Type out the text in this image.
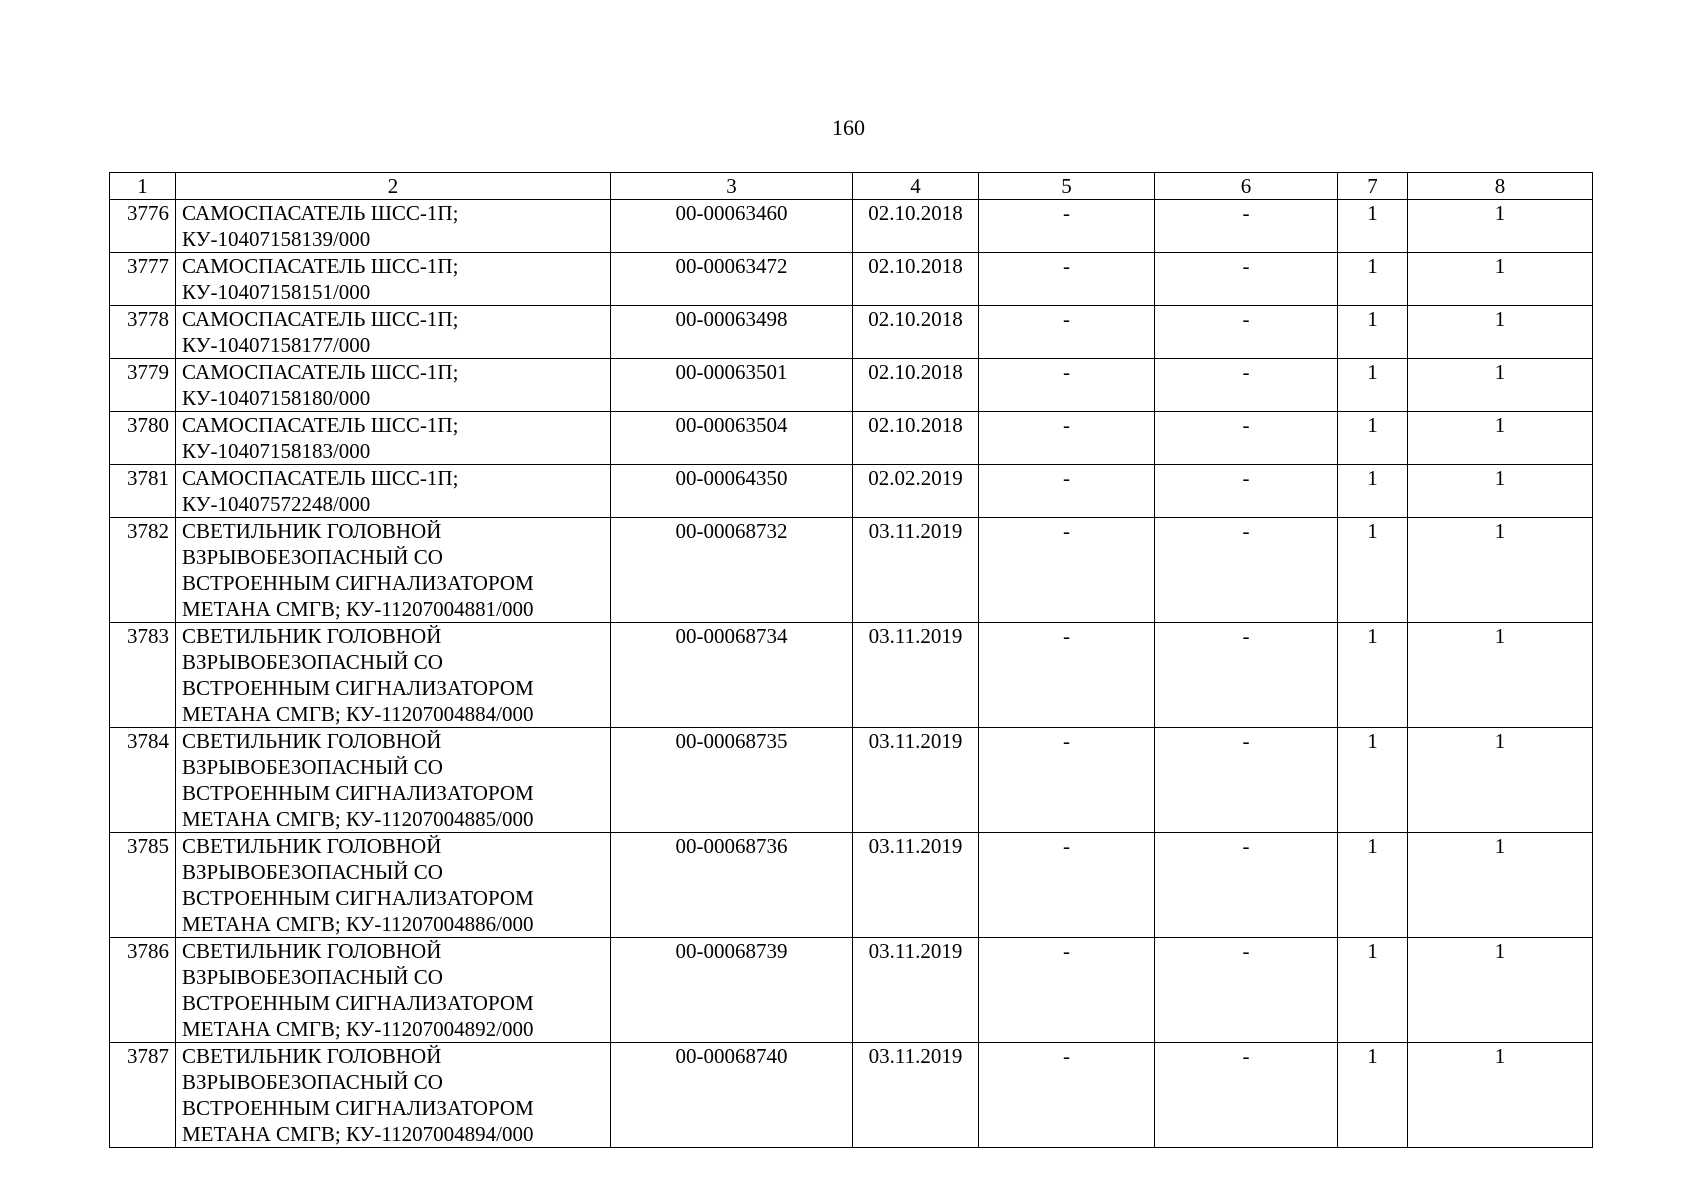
160
1	2	3	4	5	6	7	8
3776	САМОСПАСАТЕЛЬ ШСС-1П;
КУ-10407158139/000	00-00063460	02.10.2018	-	-	1	1
3777	САМОСПАСАТЕЛЬ ШСС-1П;
КУ-10407158151/000	00-00063472	02.10.2018	-	-	1	1
3778	САМОСПАСАТЕЛЬ ШСС-1П;
КУ-10407158177/000	00-00063498	02.10.2018	-	-	1	1
3779	САМОСПАСАТЕЛЬ ШСС-1П;
КУ-10407158180/000	00-00063501	02.10.2018	-	-	1	1
3780	САМОСПАСАТЕЛЬ ШСС-1П;
КУ-10407158183/000	00-00063504	02.10.2018	-	-	1	1
3781	САМОСПАСАТЕЛЬ ШСС-1П;
КУ-10407572248/000	00-00064350	02.02.2019	-	-	1	1
3782	СВЕТИЛЬНИК ГОЛОВНОЙ
ВЗРЫВОБЕЗОПАСНЫЙ СО
ВСТРОЕННЫМ СИГНАЛИЗАТОРОМ
МЕТАНА СМГВ; КУ-11207004881/000	00-00068732	03.11.2019	-	-	1	1
3783	СВЕТИЛЬНИК ГОЛОВНОЙ
ВЗРЫВОБЕЗОПАСНЫЙ СО
ВСТРОЕННЫМ СИГНАЛИЗАТОРОМ
МЕТАНА СМГВ; КУ-11207004884/000	00-00068734	03.11.2019	-	-	1	1
3784	СВЕТИЛЬНИК ГОЛОВНОЙ
ВЗРЫВОБЕЗОПАСНЫЙ СО
ВСТРОЕННЫМ СИГНАЛИЗАТОРОМ
МЕТАНА СМГВ; КУ-11207004885/000	00-00068735	03.11.2019	-	-	1	1
3785	СВЕТИЛЬНИК ГОЛОВНОЙ
ВЗРЫВОБЕЗОПАСНЫЙ СО
ВСТРОЕННЫМ СИГНАЛИЗАТОРОМ
МЕТАНА СМГВ; КУ-11207004886/000	00-00068736	03.11.2019	-	-	1	1
3786	СВЕТИЛЬНИК ГОЛОВНОЙ
ВЗРЫВОБЕЗОПАСНЫЙ СО
ВСТРОЕННЫМ СИГНАЛИЗАТОРОМ
МЕТАНА СМГВ; КУ-11207004892/000	00-00068739	03.11.2019	-	-	1	1
3787	СВЕТИЛЬНИК ГОЛОВНОЙ
ВЗРЫВОБЕЗОПАСНЫЙ СО
ВСТРОЕННЫМ СИГНАЛИЗАТОРОМ
МЕТАНА СМГВ; КУ-11207004894/000	00-00068740	03.11.2019	-	-	1	1
